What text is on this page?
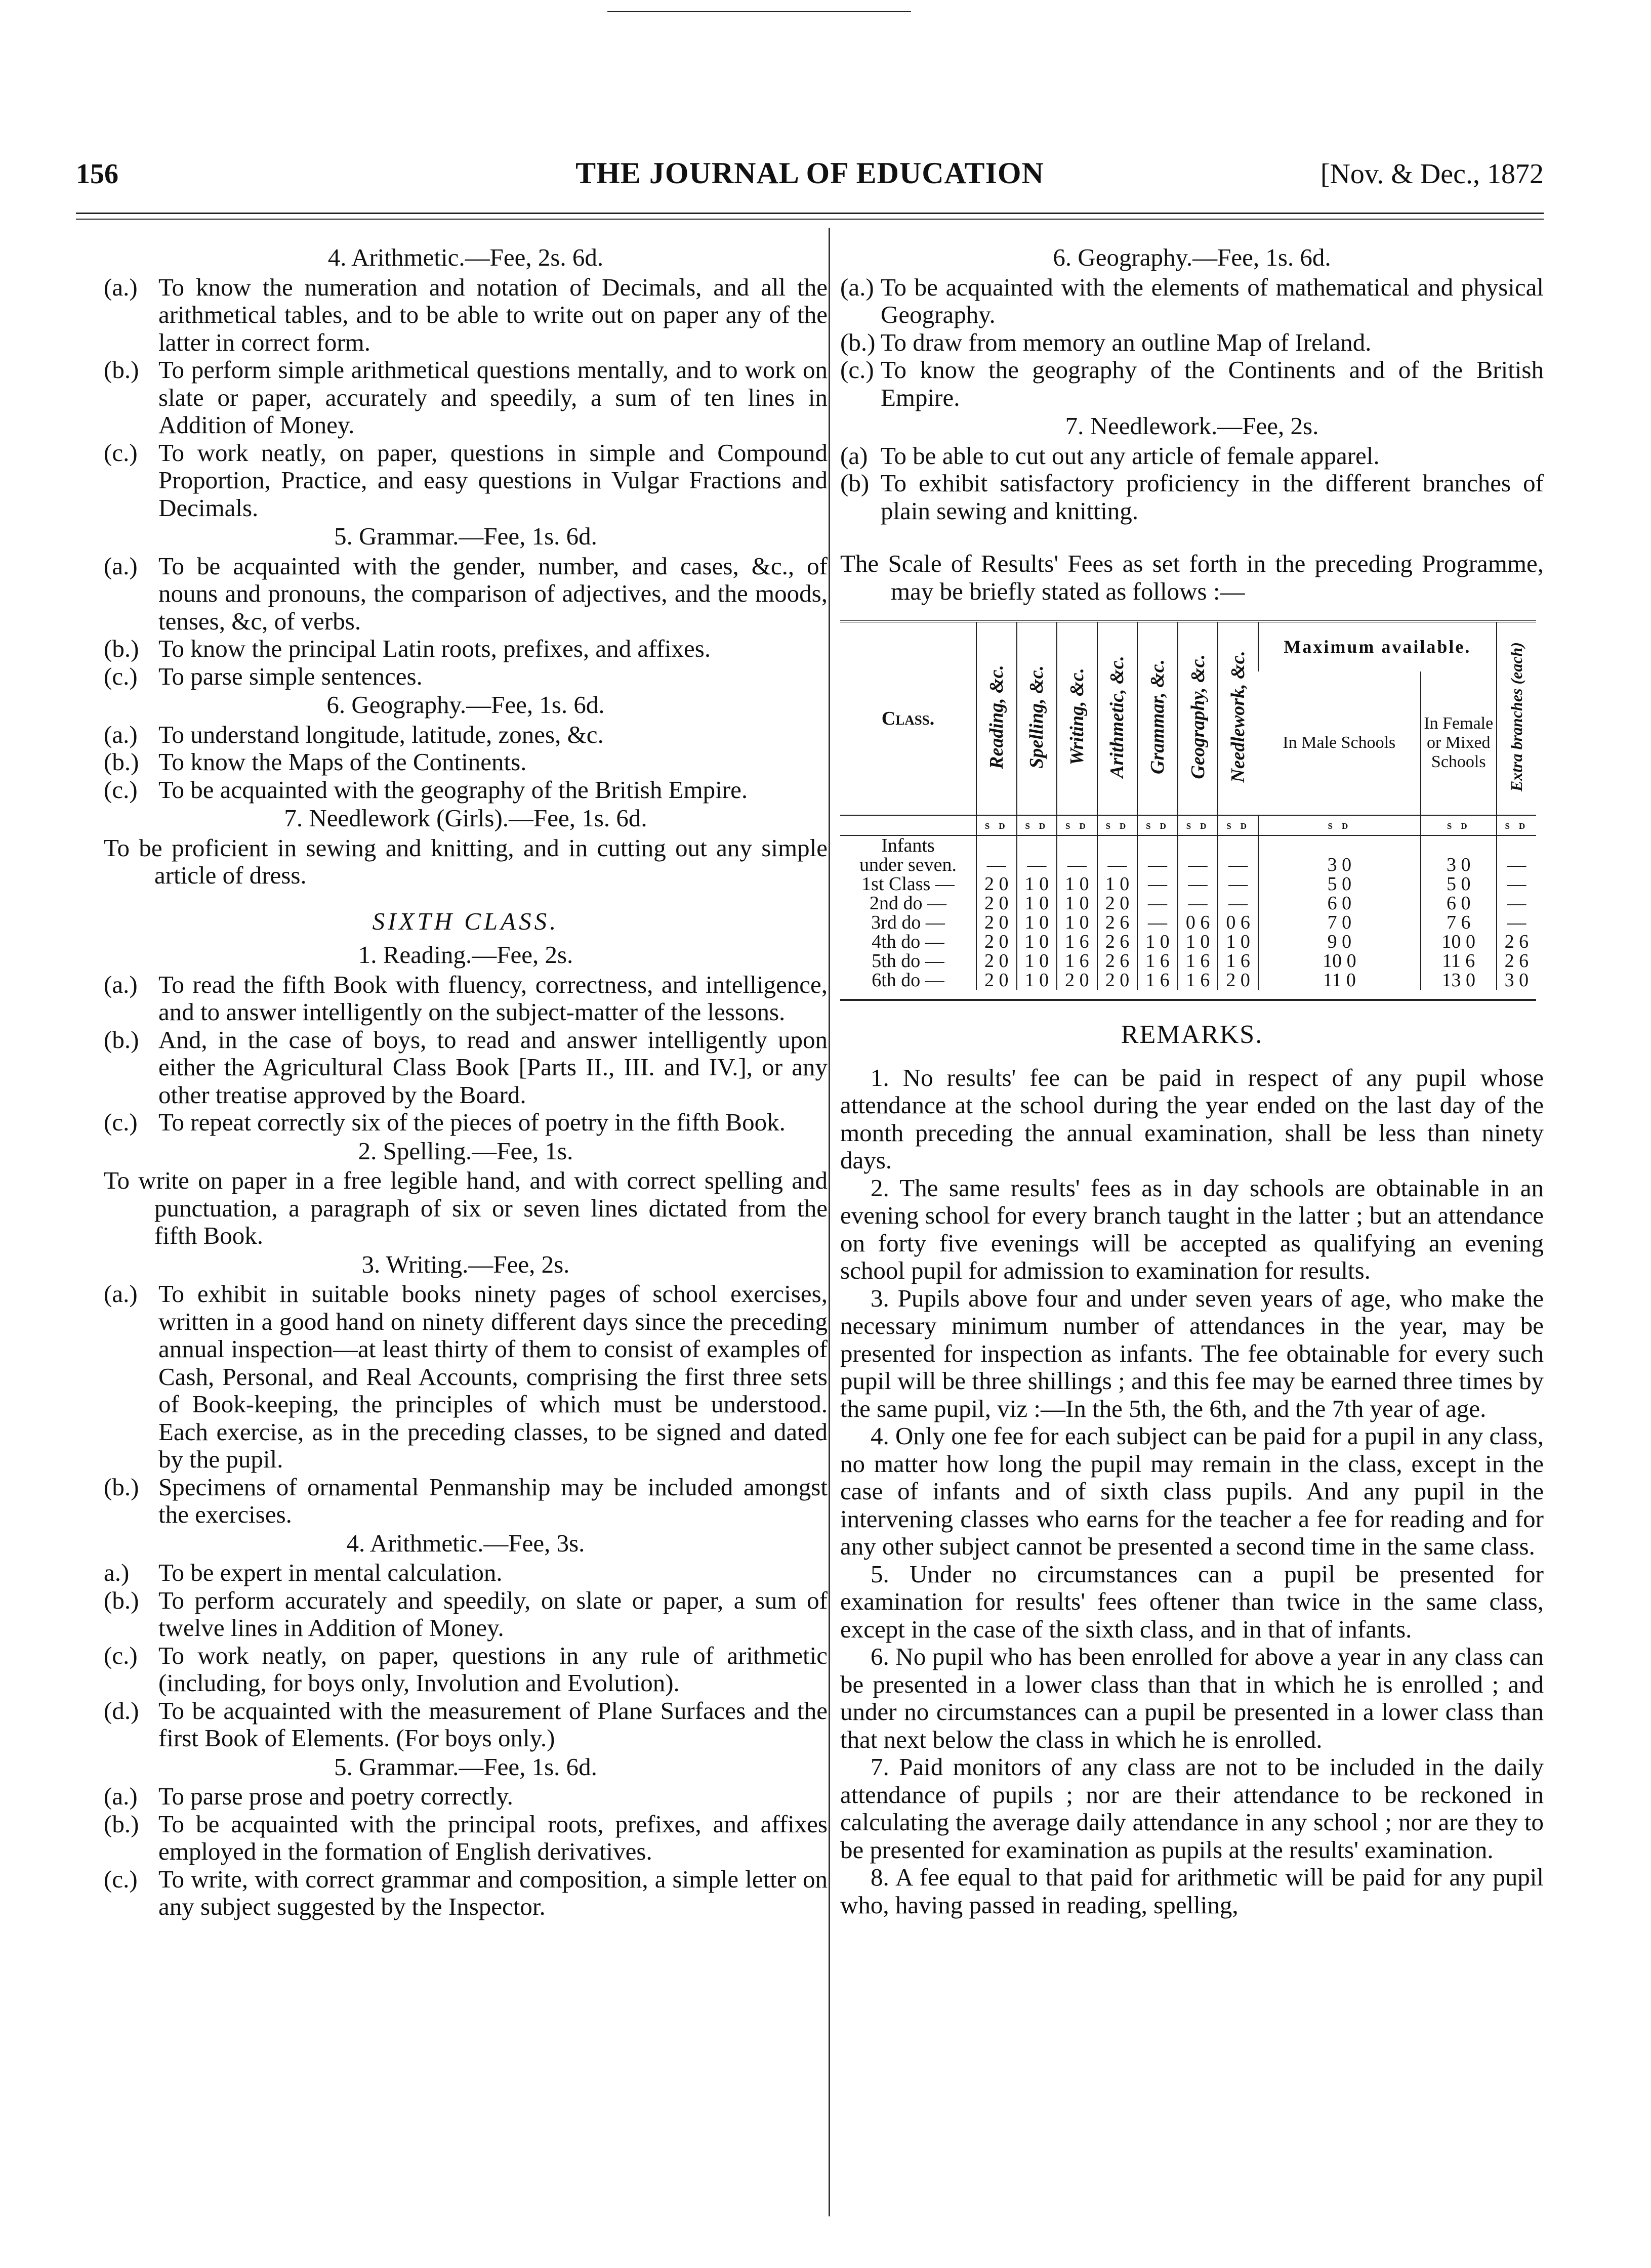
156	THE JOURNAL OF EDUCATION	[Nov. & Dec., 1872
4. Arithmetic.—Fee, 2s. 6d.

(a.) To know the numeration and notation of Decimals, and all the arithmetical tables, and to be able to write out on paper any of the latter in correct form.

(b.) To perform simple arithmetical questions mentally, and to work on slate or paper, accurately and speedily, a sum of ten lines in Addition of Money.

(c.) To work neatly, on paper, questions in simple and Compound Proportion, Practice, and easy questions in Vulgar Fractions and Decimals.

5. Grammar.—Fee, 1s. 6d.

(a.) To be acquainted with the gender, number, and cases, &c., of nouns and pronouns, the comparison of adjectives, and the moods, tenses, &c, of verbs.

(b.) To know the principal Latin roots, prefixes, and affixes.

(c.) To parse simple sentences.

6. Geography.—Fee, 1s. 6d.

(a.) To understand longitude, latitude, zones, &c.

(b.) To know the Maps of the Continents.

(c.) To be acquainted with the geography of the British Empire.

7. Needlework (Girls).—Fee, 1s. 6d.

To be proficient in sewing and knitting, and in cutting out any simple article of dress.

SIXTH CLASS.
1. Reading.—Fee, 2s.

(a.) To read the fifth Book with fluency, correctness, and intelligence, and to answer intelligently on the subject-matter of the lessons.

(b.) And, in the case of boys, to read and answer intelligently upon either the Agricultural Class Book [Parts II., III. and IV.], or any other treatise approved by the Board.

(c.) To repeat correctly six of the pieces of poetry in the fifth Book.

2. Spelling.—Fee, 1s.

To write on paper in a free legible hand, and with correct spelling and punctuation, a paragraph of six or seven lines dictated from the fifth Book.

3. Writing.—Fee, 2s.

(a.) To exhibit in suitable books ninety pages of school exercises, written in a good hand on ninety different days since the preceding annual inspection—at least thirty of them to consist of examples of Cash, Personal, and Real Accounts, comprising the first three sets of Book-keeping, the principles of which must be understood. Each exercise, as in the preceding classes, to be signed and dated by the pupil.

(b.) Specimens of ornamental Penmanship may be included amongst the exercises.

4. Arithmetic.—Fee, 3s.

a.) To be expert in mental calculation.

(b.) To perform accurately and speedily, on slate or paper, a sum of twelve lines in Addition of Money.

(c.) To work neatly, on paper, questions in any rule of arithmetic (including, for boys only, Involution and Evolution).

(d.) To be acquainted with the measurement of Plane Surfaces and the first Book of Elements. (For boys only.)

5. Grammar.—Fee, 1s. 6d.

(a.) To parse prose and poetry correctly.

(b.) To be acquainted with the principal roots, prefixes, and affixes employed in the formation of English derivatives.

(c.) To write, with correct grammar and composition, a simple letter on any subject suggested by the Inspector.

6. Geography.—Fee, 1s. 6d.

(a.) To be acquainted with the elements of mathematical and physical Geography.

(b.) To draw from memory an outline Map of Ireland.

(c.) To know the geography of the Continents and of the British Empire.

7. Needlework.—Fee, 2s.

(a) To be able to cut out any article of female apparel.

(b) To exhibit satisfactory proficiency in the different branches of plain sewing and knitting.

The Scale of Results' Fees as set forth in the preceding Programme, may be briefly stated as follows :—

Class.	Reading, &c.	Spelling, &c.	Writing, &c.	Arithmetic, &c.	Grammar, &c.	Geography, &c.	Needlework, &c.	Maximum available.		Extra branches (each)
								In Male Schools	In Female or Mixed Schools	
	s d	s d	s d	s d	s d	s d	s d	s d	s d	s d
Infants										
under seven.	—	—	—	—	—	—	—	3 0	3 0	—
1st Class —	2 0	1 0	1 0	1 0	—	—	—	5 0	5 0	—
2nd do —	2 0	1 0	1 0	2 0	—	—	—	6 0	6 0	—
3rd do —	2 0	1 0	1 0	2 6	—	0 6	0 6	7 0	7 6	—
4th do —	2 0	1 0	1 6	2 6	1 0	1 0	1 0	9 0	10 0	2 6
5th do —	2 0	1 0	1 6	2 6	1 6	1 6	1 6	10 0	11 6	2 6
6th do —	2 0	1 0	2 0	2 0	1 6	1 6	2 0	11 0	13 0	3 0
REMARKS.

1. No results' fee can be paid in respect of any pupil whose attendance at the school during the year ended on the last day of the month preceding the annual examination, shall be less than ninety days.

2. The same results' fees as in day schools are obtainable in an evening school for every branch taught in the latter ; but an attendance on forty five evenings will be accepted as qualifying an evening school pupil for admission to examination for results.

3. Pupils above four and under seven years of age, who make the necessary minimum number of attendances in the year, may be presented for inspection as infants. The fee obtainable for every such pupil will be three shillings ; and this fee may be earned three times by the same pupil, viz :—In the 5th, the 6th, and the 7th year of age.

4. Only one fee for each subject can be paid for a pupil in any class, no matter how long the pupil may remain in the class, except in the case of infants and of sixth class pupils. And any pupil in the intervening classes who earns for the teacher a fee for reading and for any other subject cannot be presented a second time in the same class.

5. Under no circumstances can a pupil be presented for examination for results' fees oftener than twice in the same class, except in the case of the sixth class, and in that of infants.

6. No pupil who has been enrolled for above a year in any class can be presented in a lower class than that in which he is enrolled ; and under no circumstances can a pupil be presented in a lower class than that next below the class in which he is enrolled.

7. Paid monitors of any class are not to be included in the daily attendance of pupils ; nor are their attendance to be reckoned in calculating the average daily attendance in any school ; nor are they to be presented for examination as pupils at the results' examination.

8. A fee equal to that paid for arithmetic will be paid for any pupil who, having passed in reading, spelling,
